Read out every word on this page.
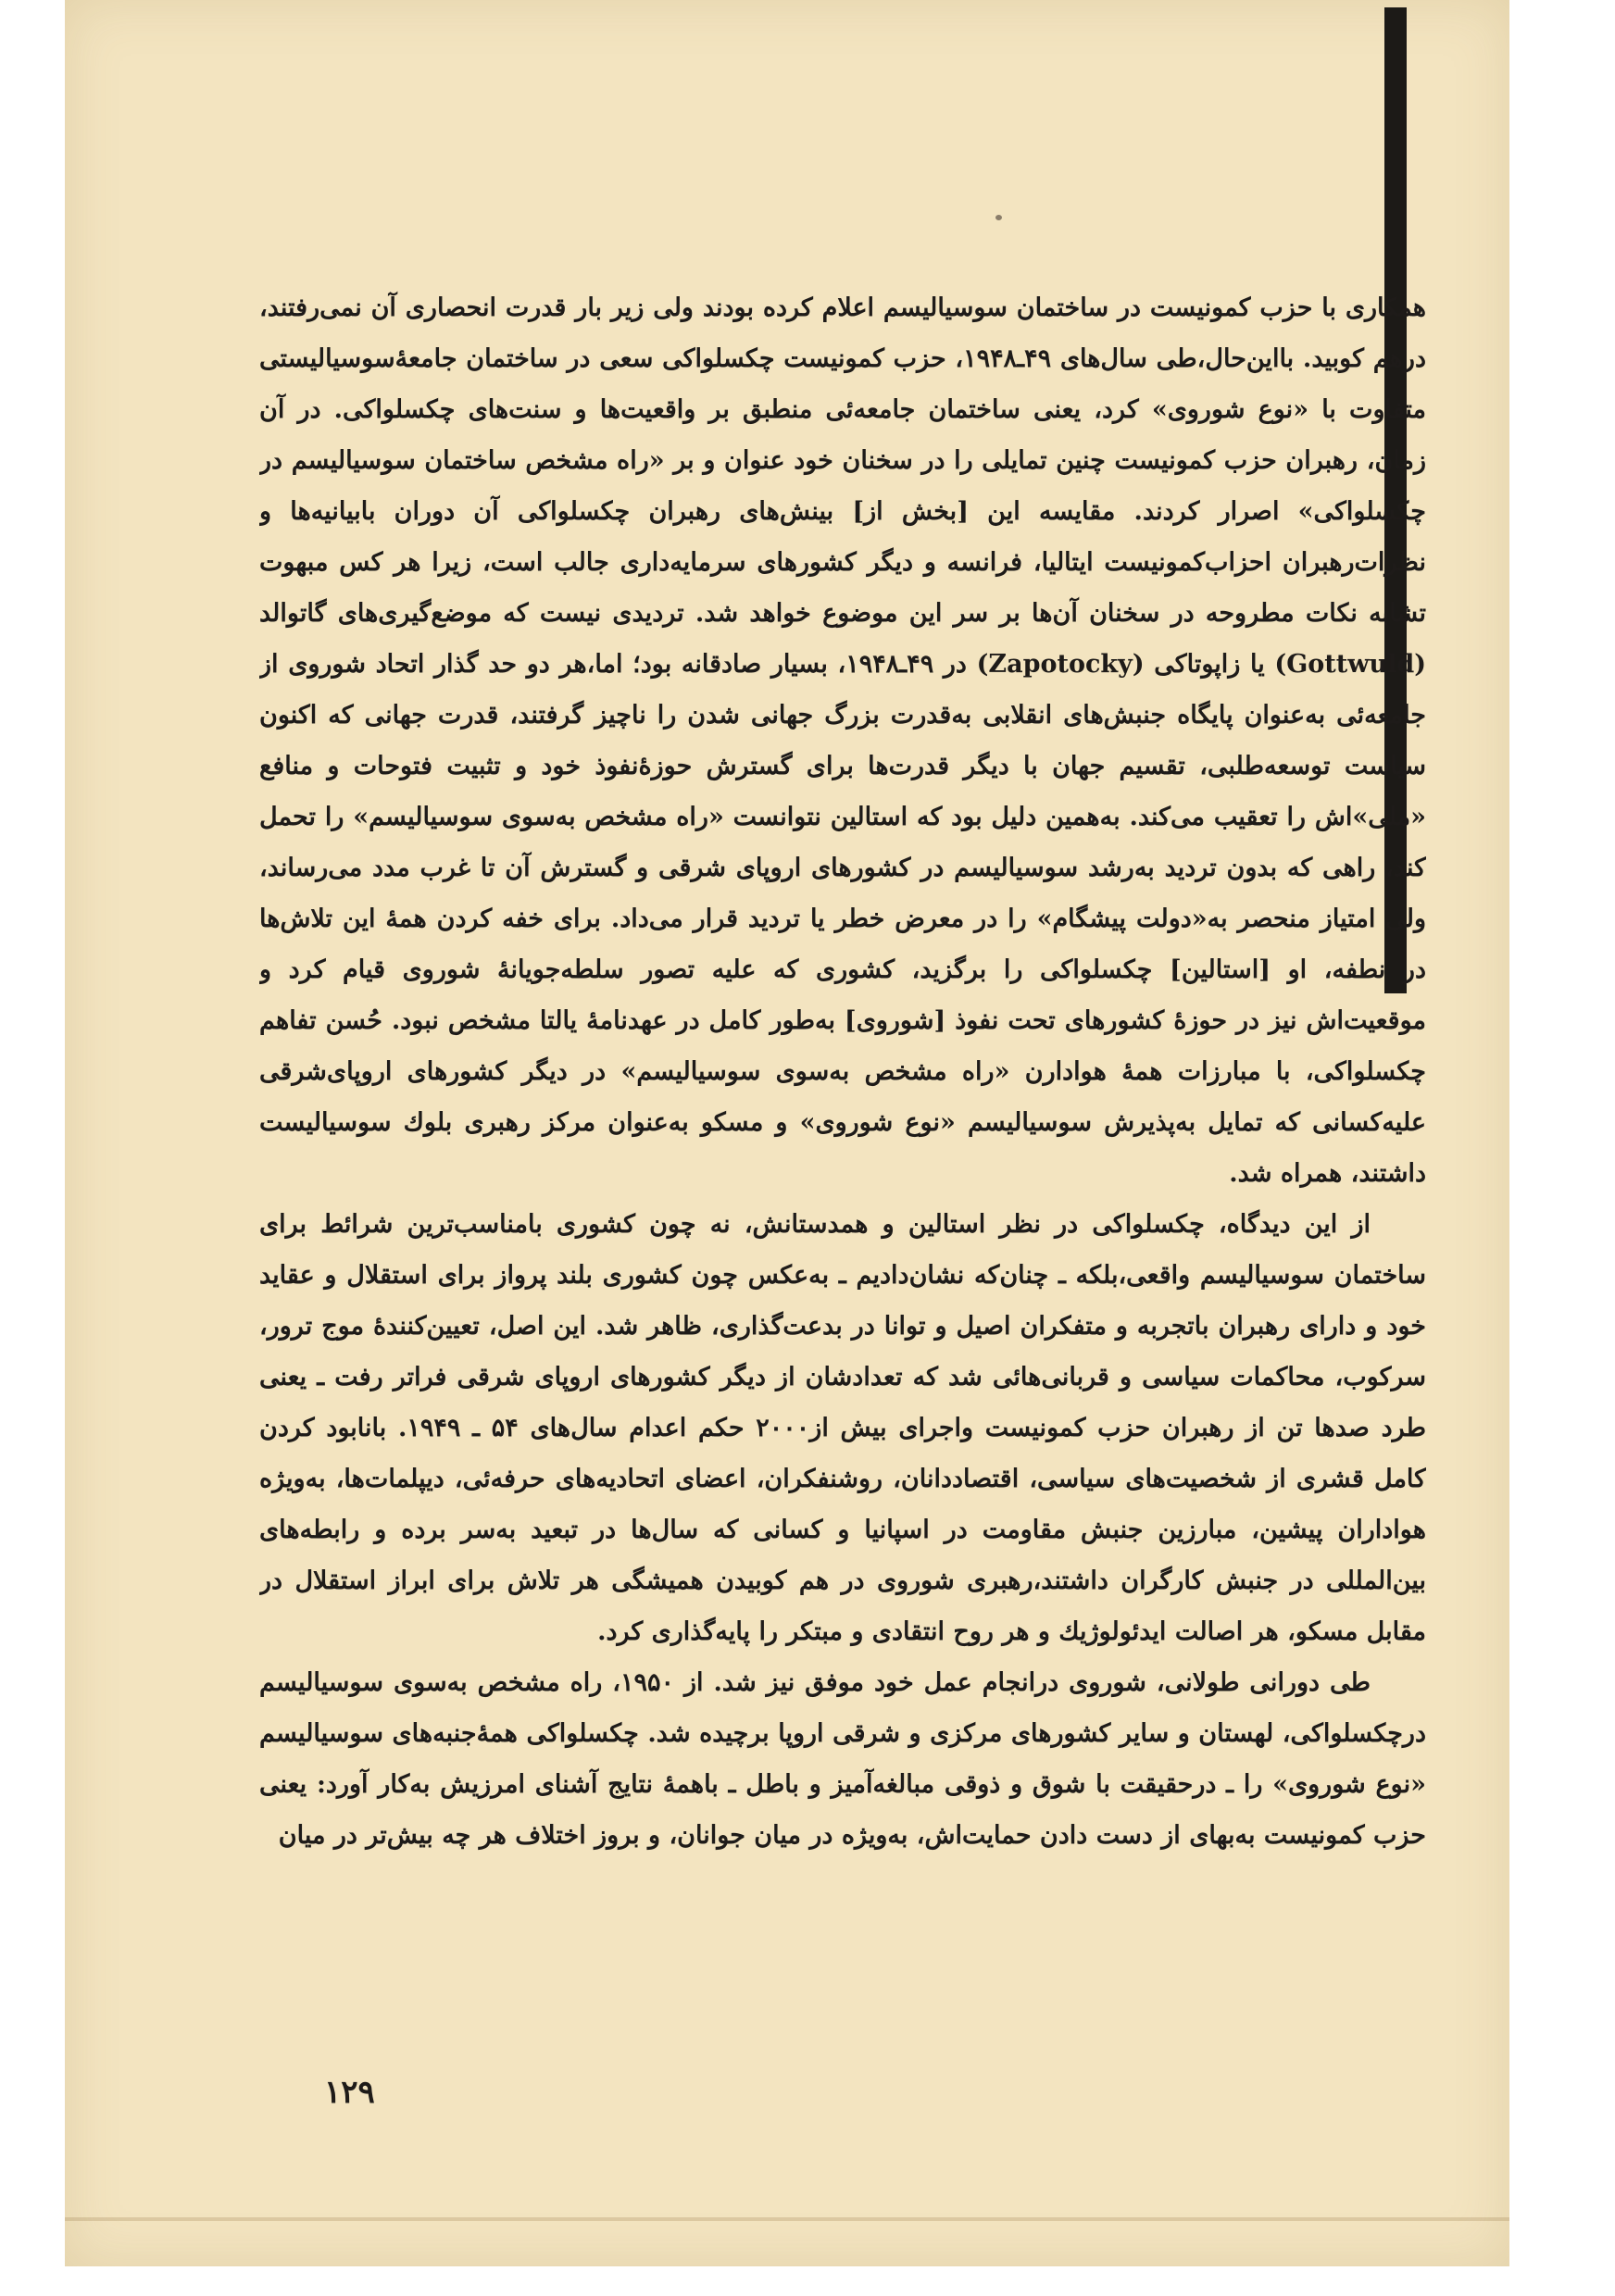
همکاری با حزب کمونیست در ساختمان سوسیالیسم اعلام کرده بودند ولی زیر بار قدرت انحصاری آن نمی‌رفتند، درهم کوبید. بااین‌حال،طی سال‌های ۴۹ـ۱۹۴۸، حزب کمونیست چکسلواکی سعی در ساختمان جامعهٔ‌سوسیالیستی متفاوت با «نوع شوروی» کرد، یعنی ساختمان جامعه‌ئی منطبق بر واقعیت‌ها و سنت‌های چکسلواکی. در آن زمان، رهبران حزب کمونیست چنین تمایلی را در سخنان خود عنوان و بر «راه مشخص ساختمان سوسیالیسم در چکسلواکی» اصرار کردند. مقایسه این [بخش از] بینش‌های رهبران چکسلواکی آن دوران بابیانیه‌ها و نظرات‌رهبران احزاب‌کمونیست ایتالیا، فرانسه و دیگر کشورهای سرمایه‌داری جالب است، زیرا هر کس مبهوت تشابه نکات مطروحه در سخنان آن‌ها بر سر این موضوع خواهد شد. تردیدی نیست که موضع‌گیری‌های گاتوالد (Gottwuld) یا زاپوتاکی (Zapotocky) در ۴۹ـ۱۹۴۸، بسیار صادقانه بود؛ اما،هر دو حد گذار اتحاد شوروی از جامعه‌ئی به‌عنوان پایگاه جنبش‌های انقلابی به‌قدرت بزرگ جهانی شدن را ناچیز گرفتند، قدرت جهانی که اکنون سیاست توسعه‌طلبی، تقسیم جهان با دیگر قدرت‌ها برای گسترش حوزهٔ‌نفوذ خود و تثبیت فتوحات و منافع «ملی»اش را تعقیب می‌کند. به‌همین دلیل بود که استالین نتوانست «راه مشخص به‌سوی سوسیالیسم» را تحمل کند، راهی که بدون تردید به‌رشد سوسیالیسم در کشورهای اروپای شرقی و گسترش آن تا غرب مدد می‌رساند، ولی امتیاز منحصر به«دولت پیشگام» را در معرض خطر یا تردید قرار می‌داد. برای خفه کردن همهٔ این تلاش‌ها در نطفه، او [استالین] چکسلواکی را برگزید، کشوری که علیه تصور سلطه‌جویانهٔ شوروی قیام کرد و موقعیت‌اش نیز در حوزهٔ کشورهای تحت نفوذ [شوروی] به‌طور کامل در عهدنامهٔ یالتا مشخص نبود. حُسن تفاهم چکسلواکی، با مبارزات همهٔ هوادارن «راه مشخص به‌سوی سوسیالیسم» در دیگر کشورهای اروپای‌شرقی علیه‌کسانی که تمایل به‌پذیرش سوسیالیسم «نوع شوروی» و مسکو به‌عنوان مرکز رهبری بلوك سوسیالیست داشتند، همراه شد.

از این دیدگاه، چکسلواکی در نظر استالین و همدستانش، نه چون کشوری بامناسب‌ترین شرائط برای ساختمان سوسیالیسم واقعی،بلکه ـ چنان‌که نشان‌دادیم ـ به‌عکس چون کشوری بلند پرواز برای استقلال و عقاید خود و دارای رهبران باتجربه و متفکران اصیل و توانا در بدعت‌گذاری، ظاهر شد. این اصل، تعیین‌کنندهٔ موج ترور، سرکوب، محاکمات سیاسی و قربانی‌هائی شد که تعدادشان از دیگر کشورهای اروپای شرقی فراتر رفت ـ یعنی طرد صدها تن از رهبران حزب کمونیست واجرای بیش از۲۰۰۰ حکم اعدام سال‌های ۵۴ ـ ۱۹۴۹. بانابود کردن کامل قشری از شخصیت‌های سیاسی، اقتصاددانان، روشنفکران، اعضای اتحادیه‌های حرفه‌ئی، دیپلمات‌ها، به‌ویژه هواداران پیشین، مبارزین جنبش مقاومت در اسپانیا و کسانی که سال‌ها در تبعید به‌سر برده و رابطه‌های بین‌المللی در جنبش کارگران داشتند،رهبری شوروی در هم کوبیدن همیشگی هر تلاش برای ابراز استقلال در مقابل مسکو، هر اصالت ایدئولوژیك و هر روح انتقادی و مبتکر را پایه‌گذاری کرد.

طی دورانی طولانی، شوروی درانجام عمل خود موفق نیز شد. از ۱۹۵۰، راه مشخص به‌سوی سوسیالیسم درچکسلواکی، لهستان و سایر کشورهای مرکزی و شرقی اروپا برچیده شد. چکسلواکی همهٔ‌جنبه‌های سوسیالیسم «نوع شوروی» را ـ درحقیقت با شوق و ذوقی مبالغه‌آمیز و باطل ـ باهمهٔ نتایج آشنای امرزیش به‌کار آورد: یعنی حزب کمونیست به‌بهای از دست دادن حمایت‌اش، به‌ویژه در میان جوانان، و بروز اختلاف هر چه بیش‌تر در میان

۱۲۹
